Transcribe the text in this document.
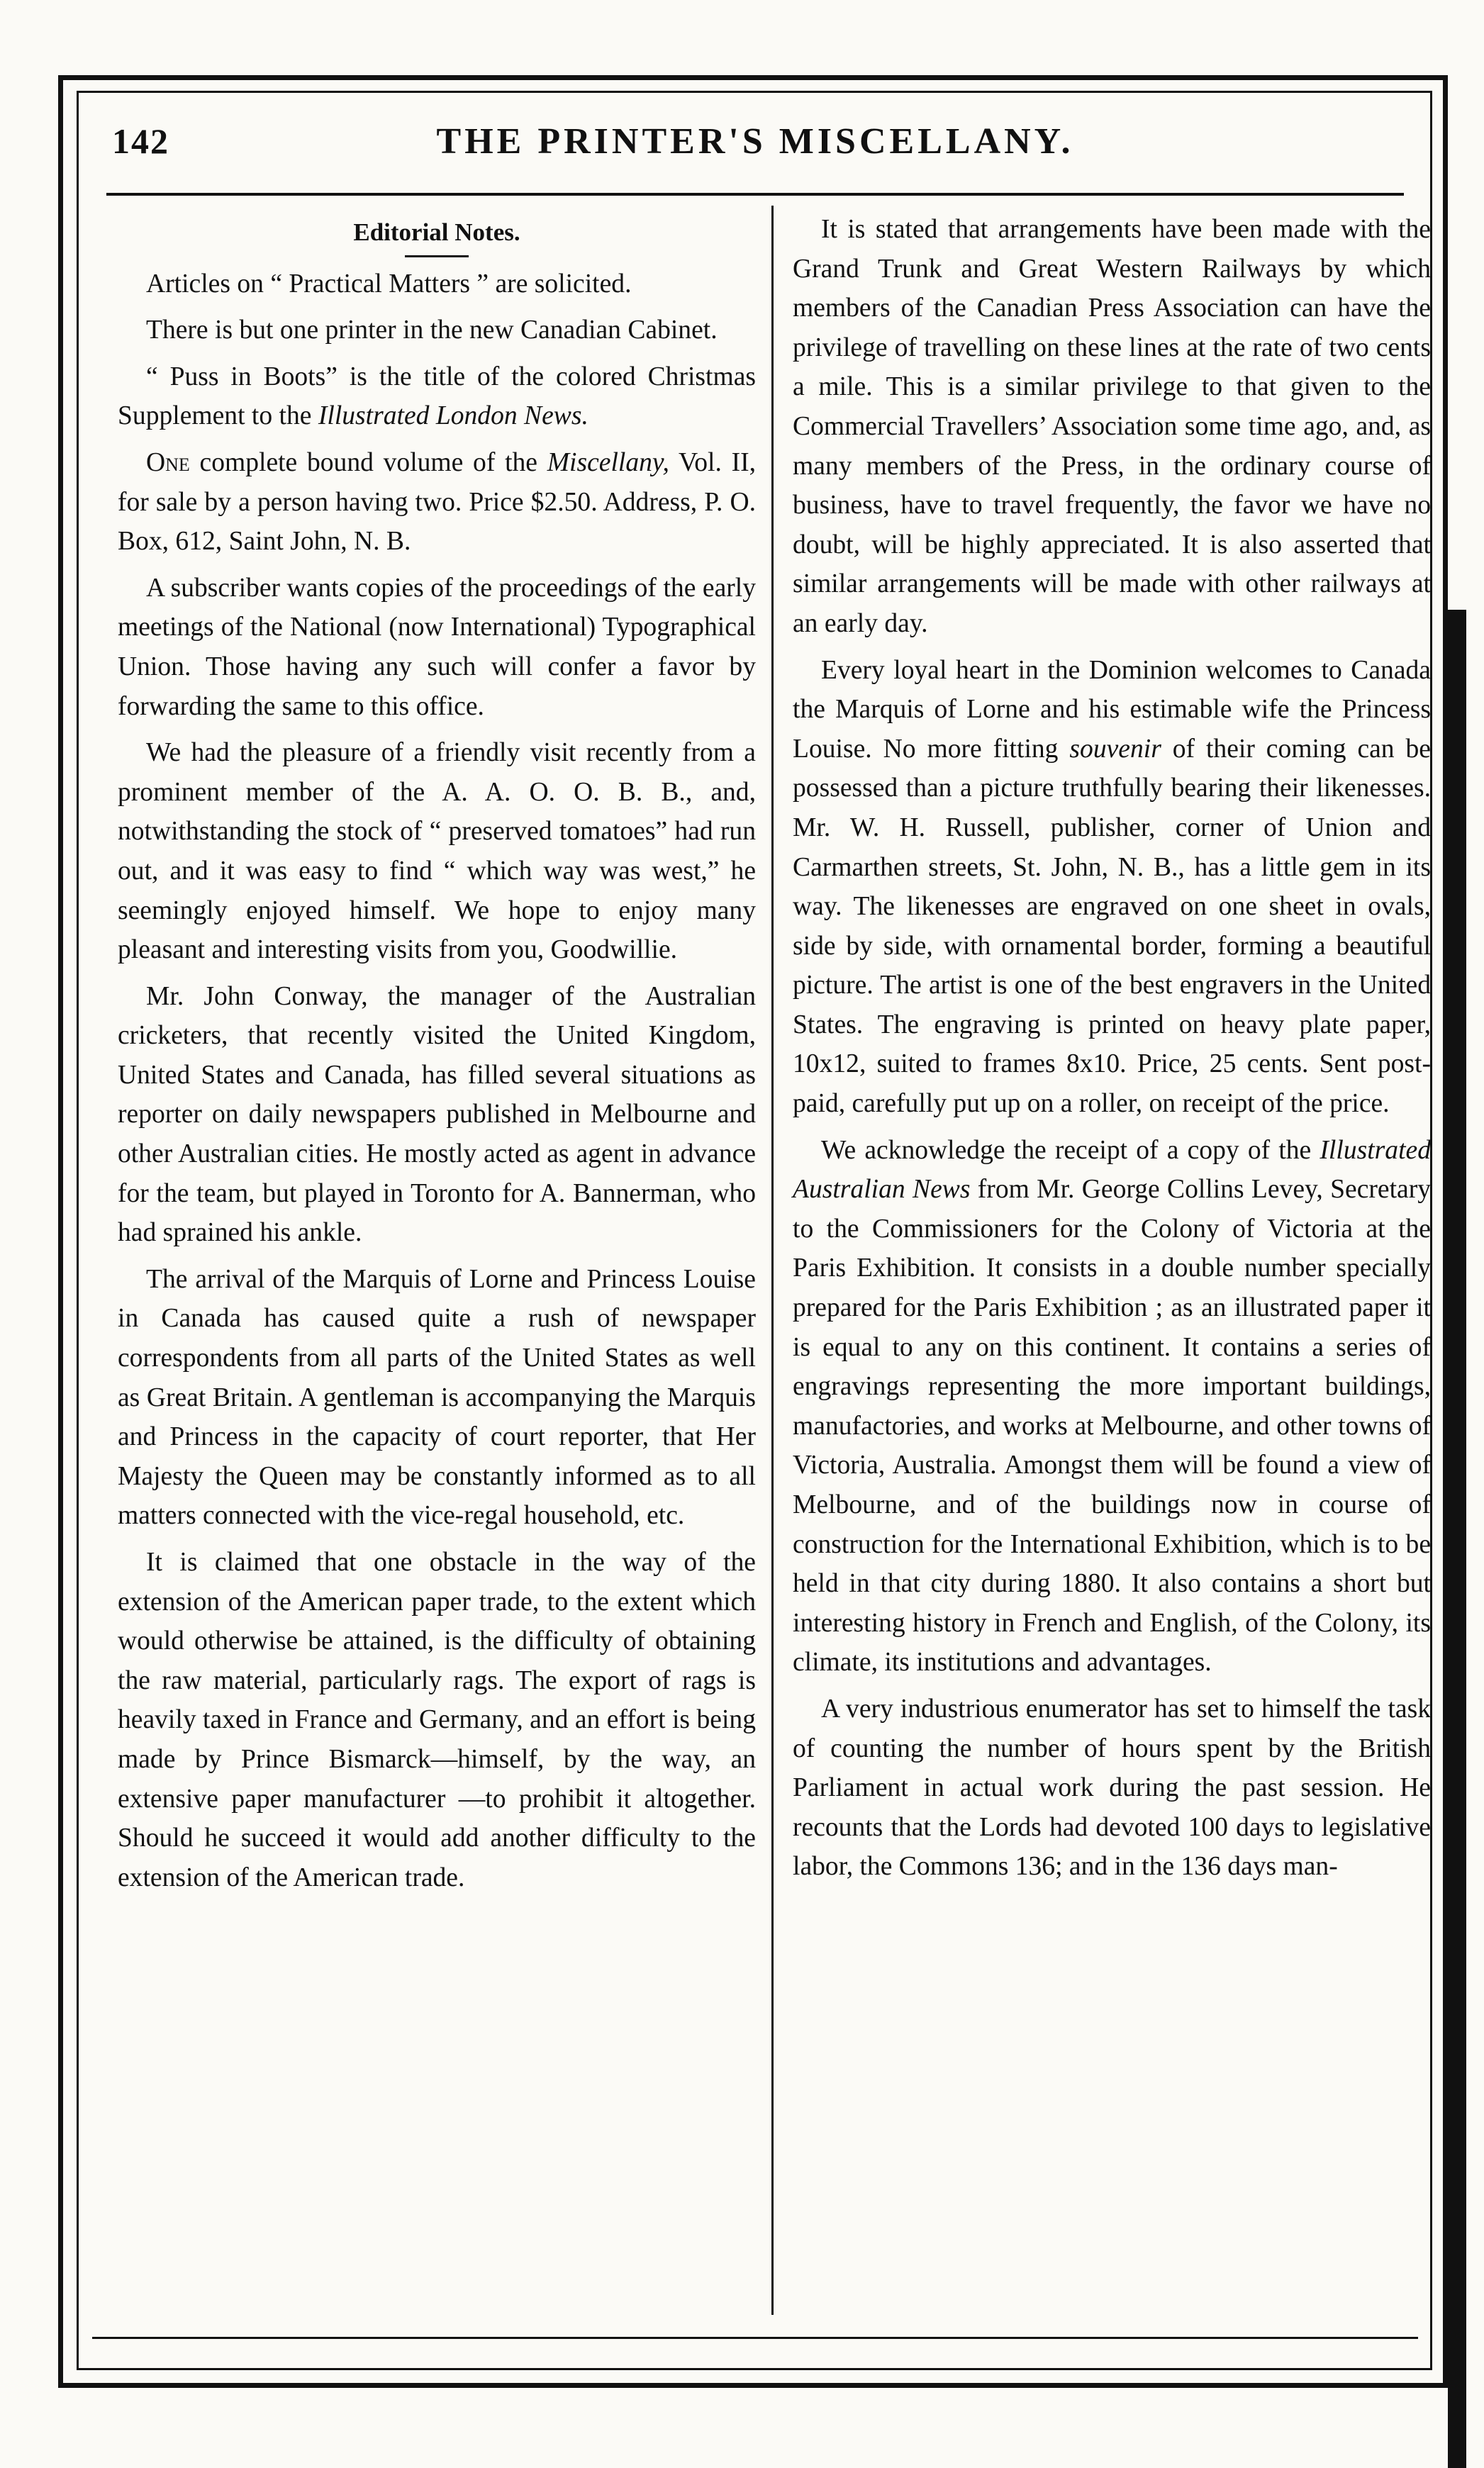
142	THE PRINTER'S MISCELLANY.
Editorial Notes.

Articles on “ Practical Matters ” are solicited.

There is but one printer in the new Canadian Cabinet.

“ Puss in Boots” is the title of the colored Christmas Supplement to the Illustrated London News.

One complete bound volume of the Miscellany, Vol. II, for sale by a person having two. Price $2.50. Address, P. O. Box, 612, Saint John, N. B.

A subscriber wants copies of the proceedings of the early meetings of the National (now International) Typographical Union. Those having any such will confer a favor by forwarding the same to this office.

We had the pleasure of a friendly visit recently from a prominent member of the A. A. O. O. B. B., and, notwithstanding the stock of “ preserved tomatoes” had run out, and it was easy to find “ which way was west,” he seemingly enjoyed himself. We hope to enjoy many pleasant and interesting visits from you, Goodwillie.

Mr. John Conway, the manager of the Australian cricketers, that recently visited the United Kingdom, United States and Canada, has filled several situations as reporter on daily newspapers published in Melbourne and other Australian cities. He mostly acted as agent in advance for the team, but played in Toronto for A. Bannerman, who had sprained his ankle.

The arrival of the Marquis of Lorne and Princess Louise in Canada has caused quite a rush of newspaper correspondents from all parts of the United States as well as Great Britain. A gentleman is accompanying the Marquis and Princess in the capacity of court reporter, that Her Majesty the Queen may be constantly informed as to all matters connected with the vice-regal household, etc.

It is claimed that one obstacle in the way of the extension of the American paper trade, to the extent which would otherwise be attained, is the difficulty of obtaining the raw material, particularly rags. The export of rags is heavily taxed in France and Germany, and an effort is being made by Prince Bismarck—himself, by the way, an extensive paper manufacturer —to prohibit it altogether. Should he succeed it would add another difficulty to the extension of the American trade.

It is stated that arrangements have been made with the Grand Trunk and Great Western Railways by which members of the Canadian Press Association can have the privilege of travelling on these lines at the rate of two cents a mile. This is a similar privilege to that given to the Commercial Travellers’ Association some time ago, and, as many members of the Press, in the ordinary course of business, have to travel frequently, the favor we have no doubt, will be highly appreciated. It is also asserted that similar arrangements will be made with other railways at an early day.

Every loyal heart in the Dominion welcomes to Canada the Marquis of Lorne and his estimable wife the Princess Louise. No more fitting souvenir of their coming can be possessed than a picture truthfully bearing their likenesses. Mr. W. H. Russell, publisher, corner of Union and Carmarthen streets, St. John, N. B., has a little gem in its way. The likenesses are engraved on one sheet in ovals, side by side, with ornamental border, forming a beautiful picture. The artist is one of the best engravers in the United States. The engraving is printed on heavy plate paper, 10x12, suited to frames 8x10. Price, 25 cents. Sent post-paid, carefully put up on a roller, on receipt of the price.

We acknowledge the receipt of a copy of the Illustrated Australian News from Mr. George Collins Levey, Secretary to the Commissioners for the Colony of Victoria at the Paris Exhibition. It consists in a double number specially prepared for the Paris Exhibition ; as an illustrated paper it is equal to any on this continent. It contains a series of engravings representing the more important buildings, manufactories, and works at Melbourne, and other towns of Victoria, Australia. Amongst them will be found a view of Melbourne, and of the buildings now in course of construction for the International Exhibition, which is to be held in that city during 1880. It also contains a short but interesting history in French and English, of the Colony, its climate, its institutions and advantages.

A very industrious enumerator has set to himself the task of counting the number of hours spent by the British Parliament in actual work during the past session. He recounts that the Lords had devoted 100 days to legislative labor, the Commons 136; and in the 136 days man-
